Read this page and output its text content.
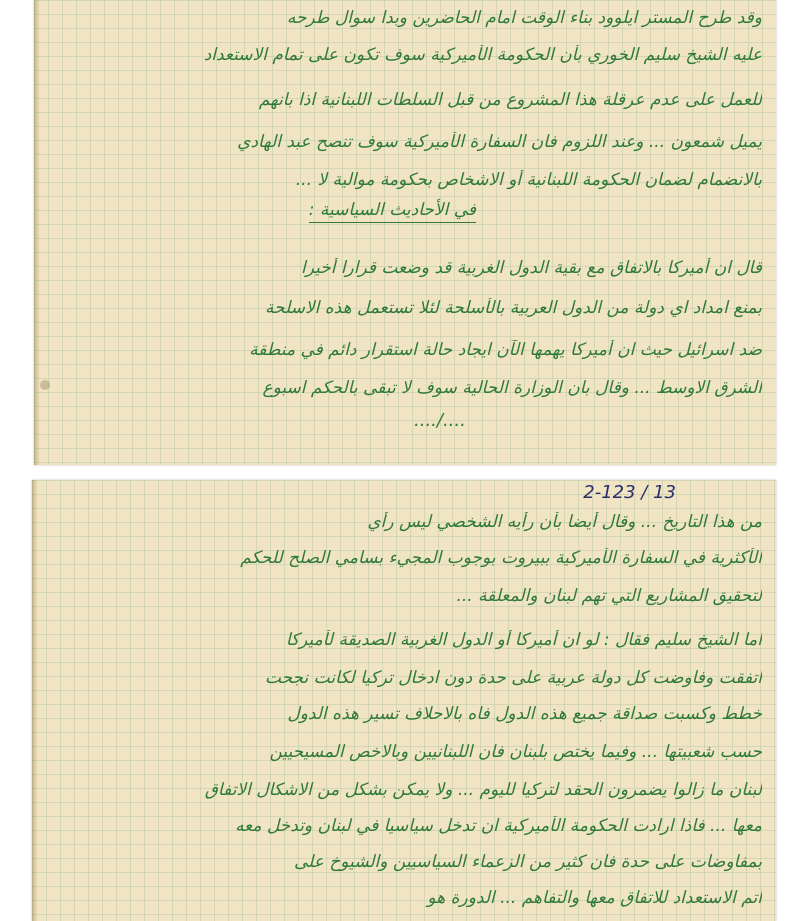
وقد طرح المستر ايلوود بناء الوقت امام الحاضرين وبدا سوال طرحه
عليه الشيخ سليم الخوري بأن الحكومة الأميركية سوف تكون على تمام الاستعداد
للعمل على عدم عرقلة هذا المشروع من قبل السلطات اللبنانية اذا بانهم
يميل شمعون ... وعند اللزوم فان السفارة الأميركية سوف تنصح عبد الهادي
بالانضمام لضمان الحكومة اللبنانية أو الاشخاص بحكومة موالية لا ...
في الأحاديث السياسية :
قال ان أميركا بالاتفاق مع بقية الدول الغربية قد وضعت قرارا أخيرا
بمنع امداد اي دولة من الدول العربية بالأسلحة لئلا تستعمل هذه الاسلحة
ضد اسرائيل حيث ان أميركا يهمها الآن ايجاد حالة استقرار دائم في منطقة
الشرق الاوسط ... وقال بان الوزارة الحالية سوف لا تبقى بالحكم اسبوع
..../....
2-123 / 13
من هذا التاريخ ... وقال أيضا بأن رأيه الشخصي ليس رأي
الأكثرية في السفارة الأميركية ببيروت بوجوب المجيء بسامي الصلح للحكم
لتحقيق المشاريع التي تهم لبنان والمعلقة ...
اما الشيخ سليم فقال : لو ان أميركا أو الدول الغربية الصديقة لأميركا
اتفقت وفاوضت كل دولة عربية على حدة دون ادخال تركيا لكانت نجحت
خطط وكسبت صداقة جميع هذه الدول فاه بالاحلاف تسير هذه الدول
حسب شعبيتها ... وفيما يختص بلبنان فان اللبنانيين وبالاخص المسيحيين
لبنان ما زالوا يضمرون الحقد لتركيا لليوم ... ولا يمكن بشكل من الاشكال الاتفاق
معها ... فاذا ارادت الحكومة الأميركية ان تدخل سياسيا في لبنان وتدخل معه
بمفاوضات على حدة فان كثير من الزعماء السياسيين والشيوخ على
أتم الاستعداد للاتفاق معها والتفاهم ... الدورة هو
